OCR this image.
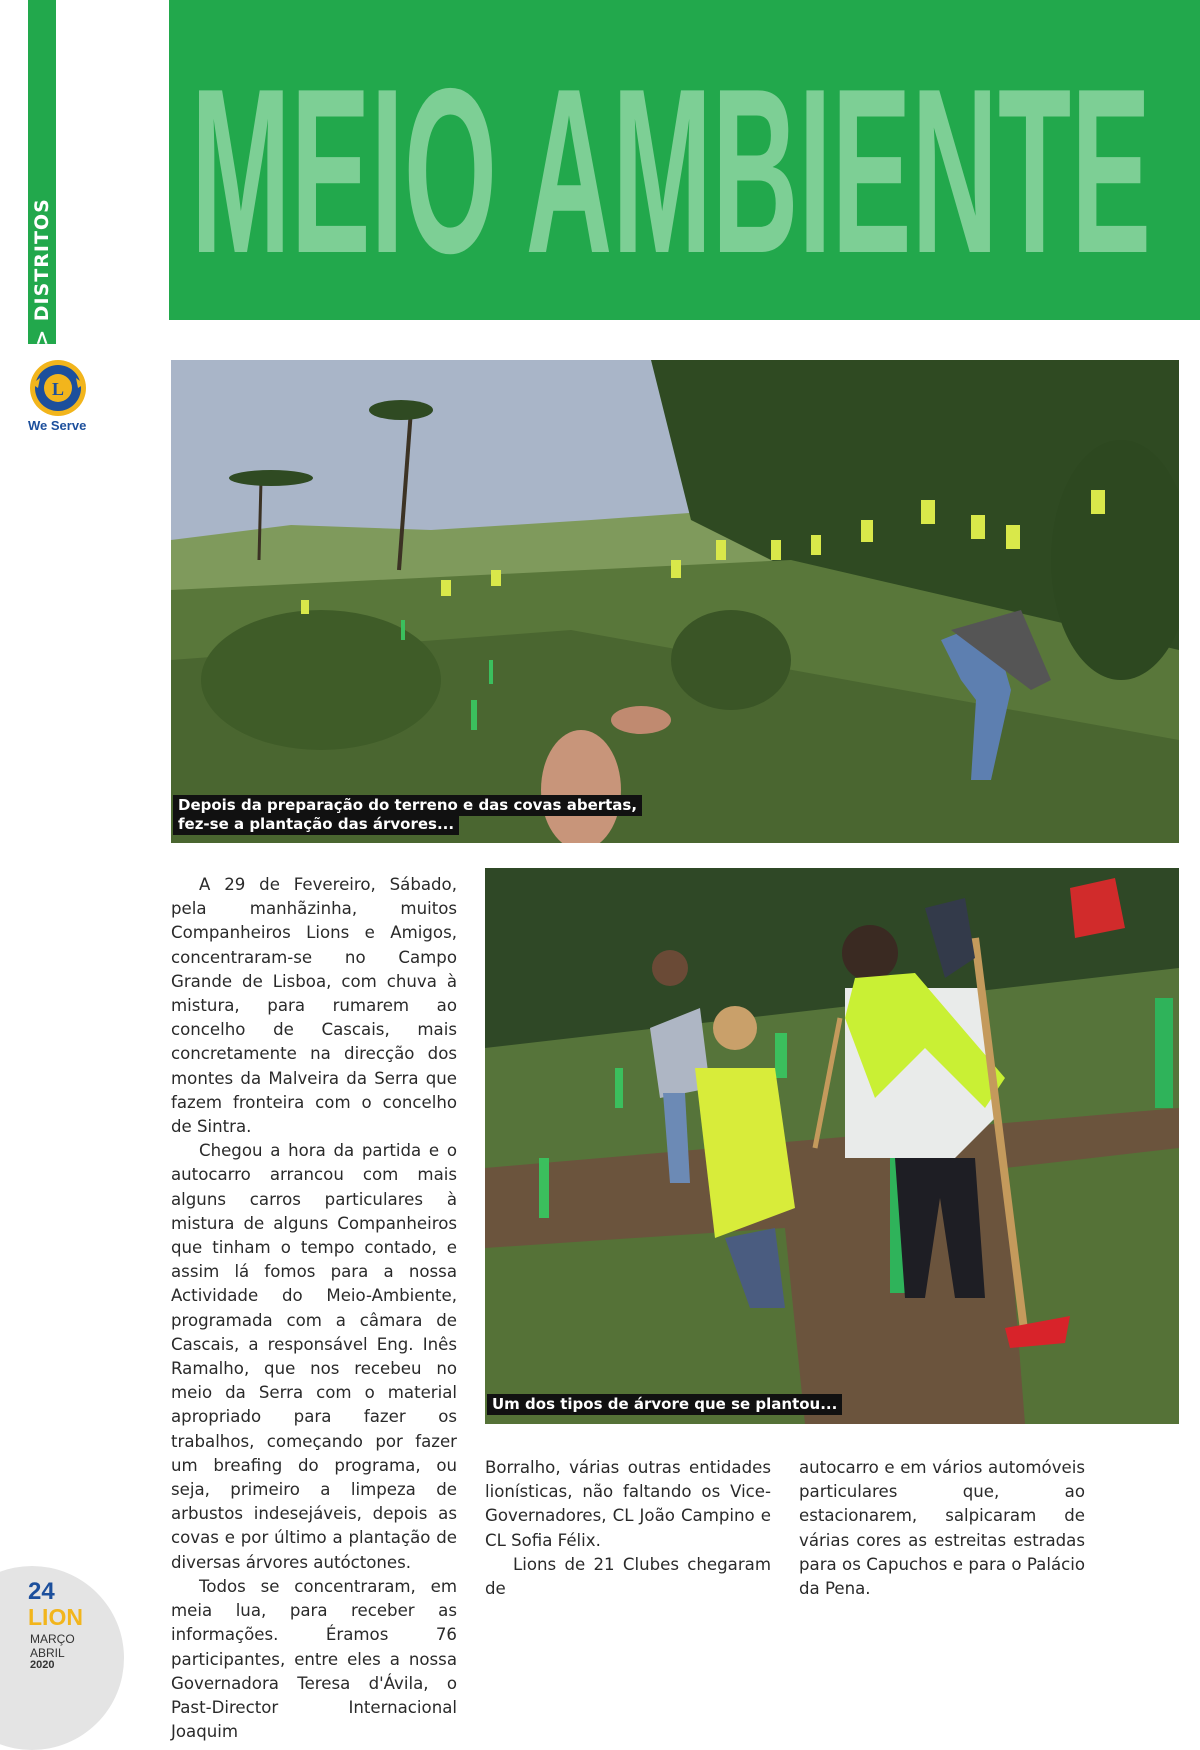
> DISTRITOS
L
We Serve
MEIO AMBIENTE
Depois da preparação do terreno e das covas abertas,
fez-se a plantação das árvores...
Um dos tipos de árvore que se plantou...

A 29 de Fevereiro, Sábado, pela manhãzinha, muitos Companheiros Lions e Amigos, concentraram-se no Campo Grande de Lisboa, com chuva à mistura, para rumarem ao concelho de Cascais, mais concretamente na direcção dos montes da Malveira da Serra que fazem fronteira com o concelho de Sintra.

Chegou a hora da partida e o autocarro arrancou com mais alguns carros particulares à mistura de alguns Companheiros que tinham o tempo contado, e assim lá fomos para a nossa Actividade do Meio-Ambiente, programada com a câmara de Cascais, a responsável Eng. Inês Ramalho, que nos recebeu no meio da Serra com o material apropriado para fazer os trabalhos, começando por fazer um breafing do programa, ou seja, primeiro a limpeza de arbustos indesejáveis, depois as covas e por último a plantação de diversas árvores autóctones.

Todos se concentraram, em meia lua, para receber as informações. Éramos 76 participantes, entre eles a nossa Governadora Teresa d'Ávila, o Past-Director Internacional Joaquim

Borralho, várias outras entidades lionísticas, não faltando os Vice-Governadores, CL João Campino e CL Sofia Félix.

Lions de 21 Clubes chegaram de

autocarro e em vários automóveis particulares que, ao estacionarem, salpicaram de várias cores as estreitas estradas para os Capuchos e para o Palácio da Pena.

24
LION
MARÇO
ABRIL
2020
